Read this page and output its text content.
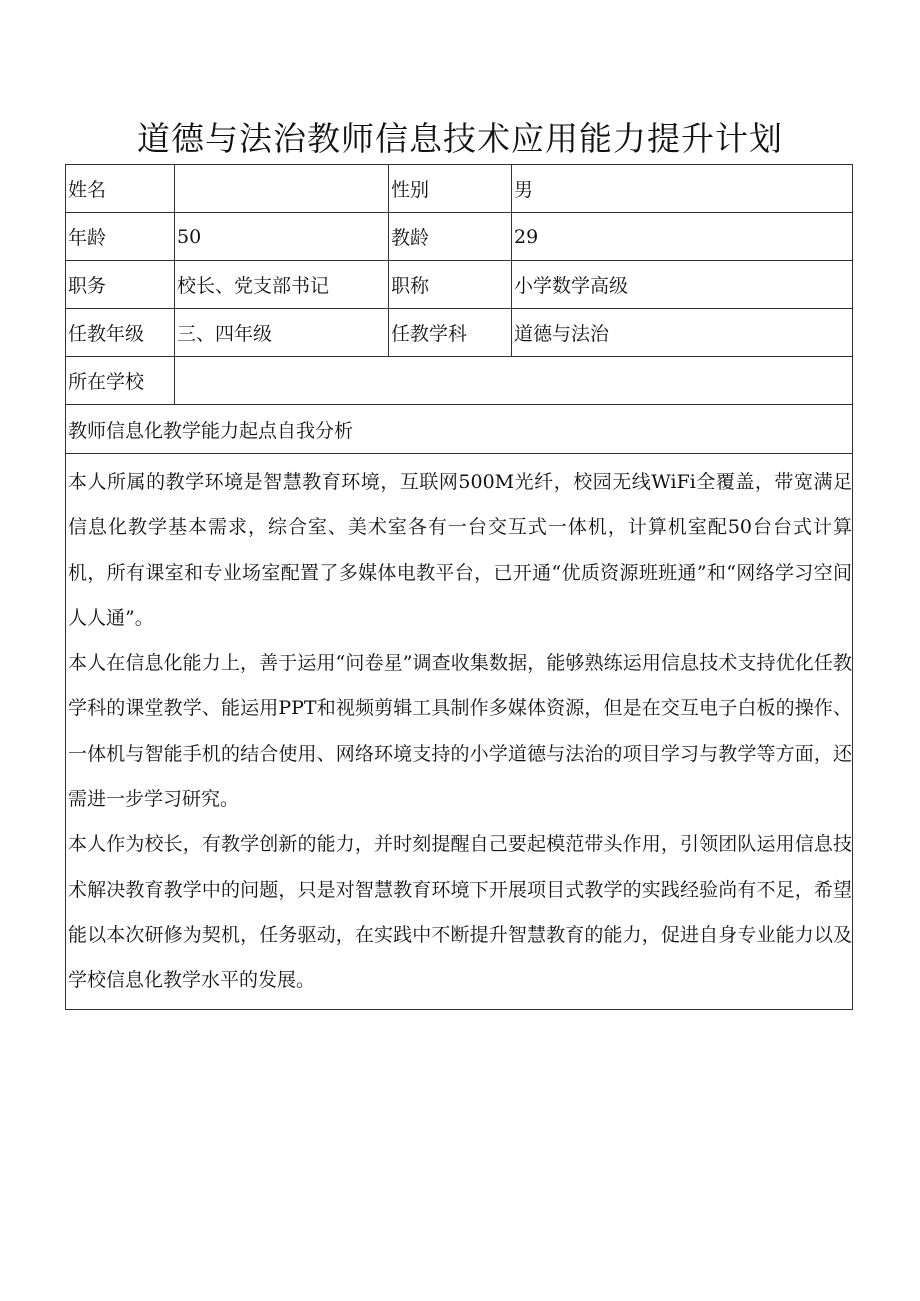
道德与法治教师信息技术应用能力提升计划
姓名		性别	男
年龄	50	教龄	29
职务	校长、党支部书记	职称	小学数学高级
任教年级	三、四年级	任教学科	道德与法治
所在学校			
教师信息化教学能力起点自我分析			

本人所属的教学环境是智慧教育环境，互联网500M光纤，校园无线WiFi全覆盖，带宽满足信息化教学基本需求，综合室、美术室各有一台交互式一体机，计算机室配50台台式计算机，所有课室和专业场室配置了多媒体电教平台，已开通“优质资源班班通”和“网络学习空间人人通”。

本人在信息化能力上，善于运用“问卷星”调查收集数据，能够熟练运用信息技术支持优化任教学科的课堂教学、能运用PPT和视频剪辑工具制作多媒体资源，但是在交互电子白板的操作、一体机与智能手机的结合使用、网络环境支持的小学道德与法治的项目学习与教学等方面，还需进一步学习研究。

本人作为校长，有教学创新的能力，并时刻提醒自己要起模范带头作用，引领团队运用信息技术解决教育教学中的问题，只是对智慧教育环境下开展项目式教学的实践经验尚有不足，希望能以本次研修为契机，任务驱动，在实践中不断提升智慧教育的能力，促进自身专业能力以及学校信息化教学水平的发展。			
